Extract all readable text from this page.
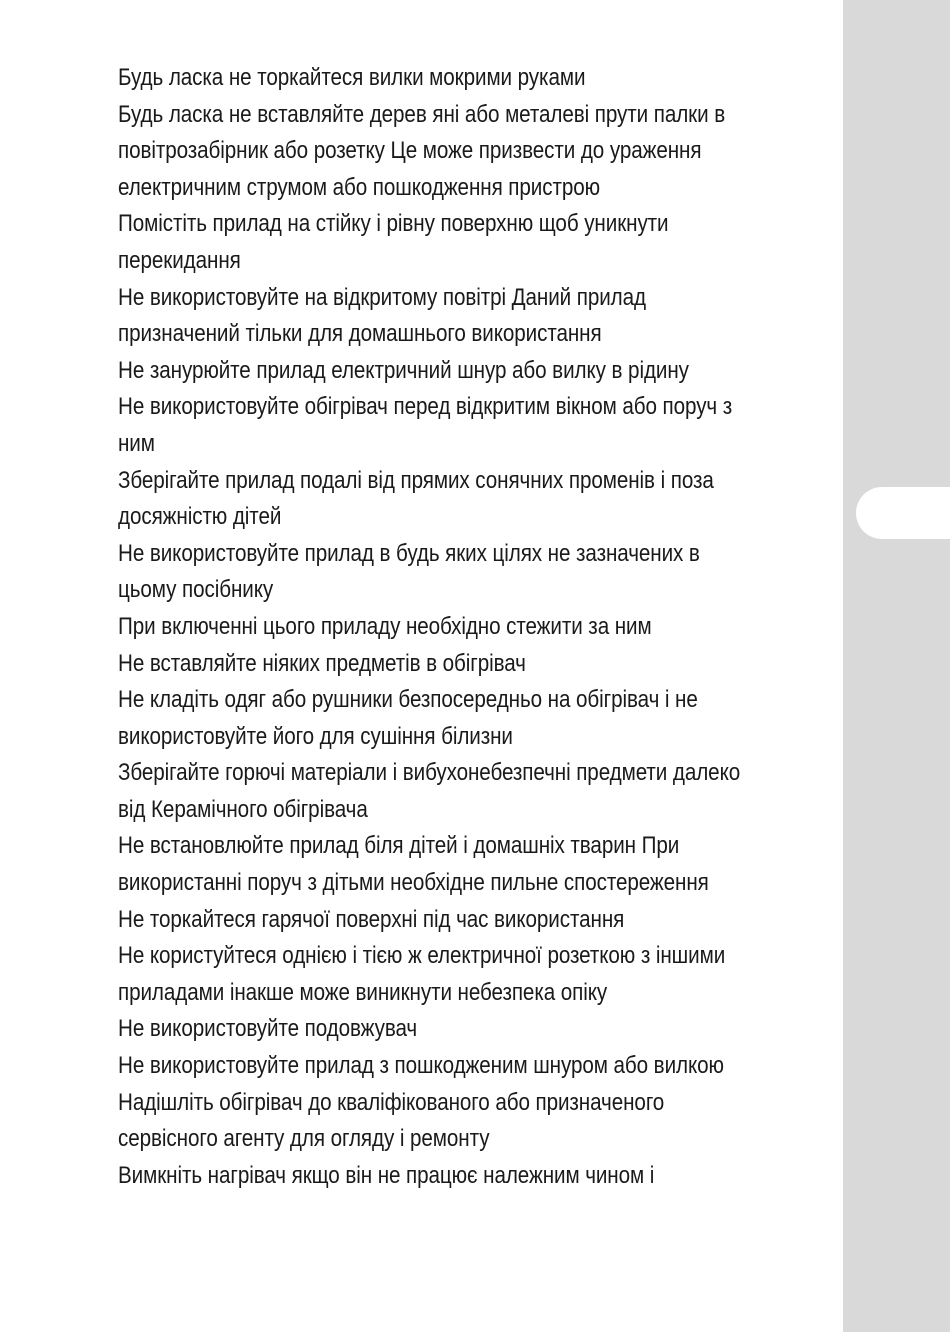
Будь ласка не торкайтеся вилки мокрими руками
Будь ласка не вставляйте дерев яні або металеві прути палки в
повітрозабірник або розетку Це може призвести до ураження
електричним струмом або пошкодження пристрою
Помістіть прилад на стійку і рівну поверхню щоб уникнути
перекидання
Не використовуйте на відкритому повітрі Даний прилад
призначений тільки для домашнього використання
Не занурюйте прилад електричний шнур або вилку в рідину
Не використовуйте обігрівач перед відкритим вікном або поруч з
ним
Зберігайте прилад подалі від прямих сонячних променів і поза
досяжністю дітей
Не використовуйте прилад в будь яких цілях не зазначених в
цьому посібнику
При включенні цього приладу необхідно стежити за ним
Не вставляйте ніяких предметів в обігрівач
Не кладіть одяг або рушники безпосередньо на обігрівач і не
використовуйте його для сушіння білизни
Зберігайте горючі матеріали і вибухонебезпечні предмети далеко
від Керамічного обігрівача
Не встановлюйте прилад біля дітей і домашніх тварин При
використанні поруч з дітьми необхідне пильне спостереження
Не торкайтеся гарячої поверхні під час використання
Не користуйтеся однією і тією ж електричної розеткою з іншими
приладами інакше може виникнути небезпека опіку
Не використовуйте подовжувач
Не використовуйте прилад з пошкодженим шнуром або вилкою
Надішліть обігрівач до кваліфікованого або призначеного
сервісного агенту для огляду і ремонту
Вимкніть нагрівач якщо він не працює належним чином і
